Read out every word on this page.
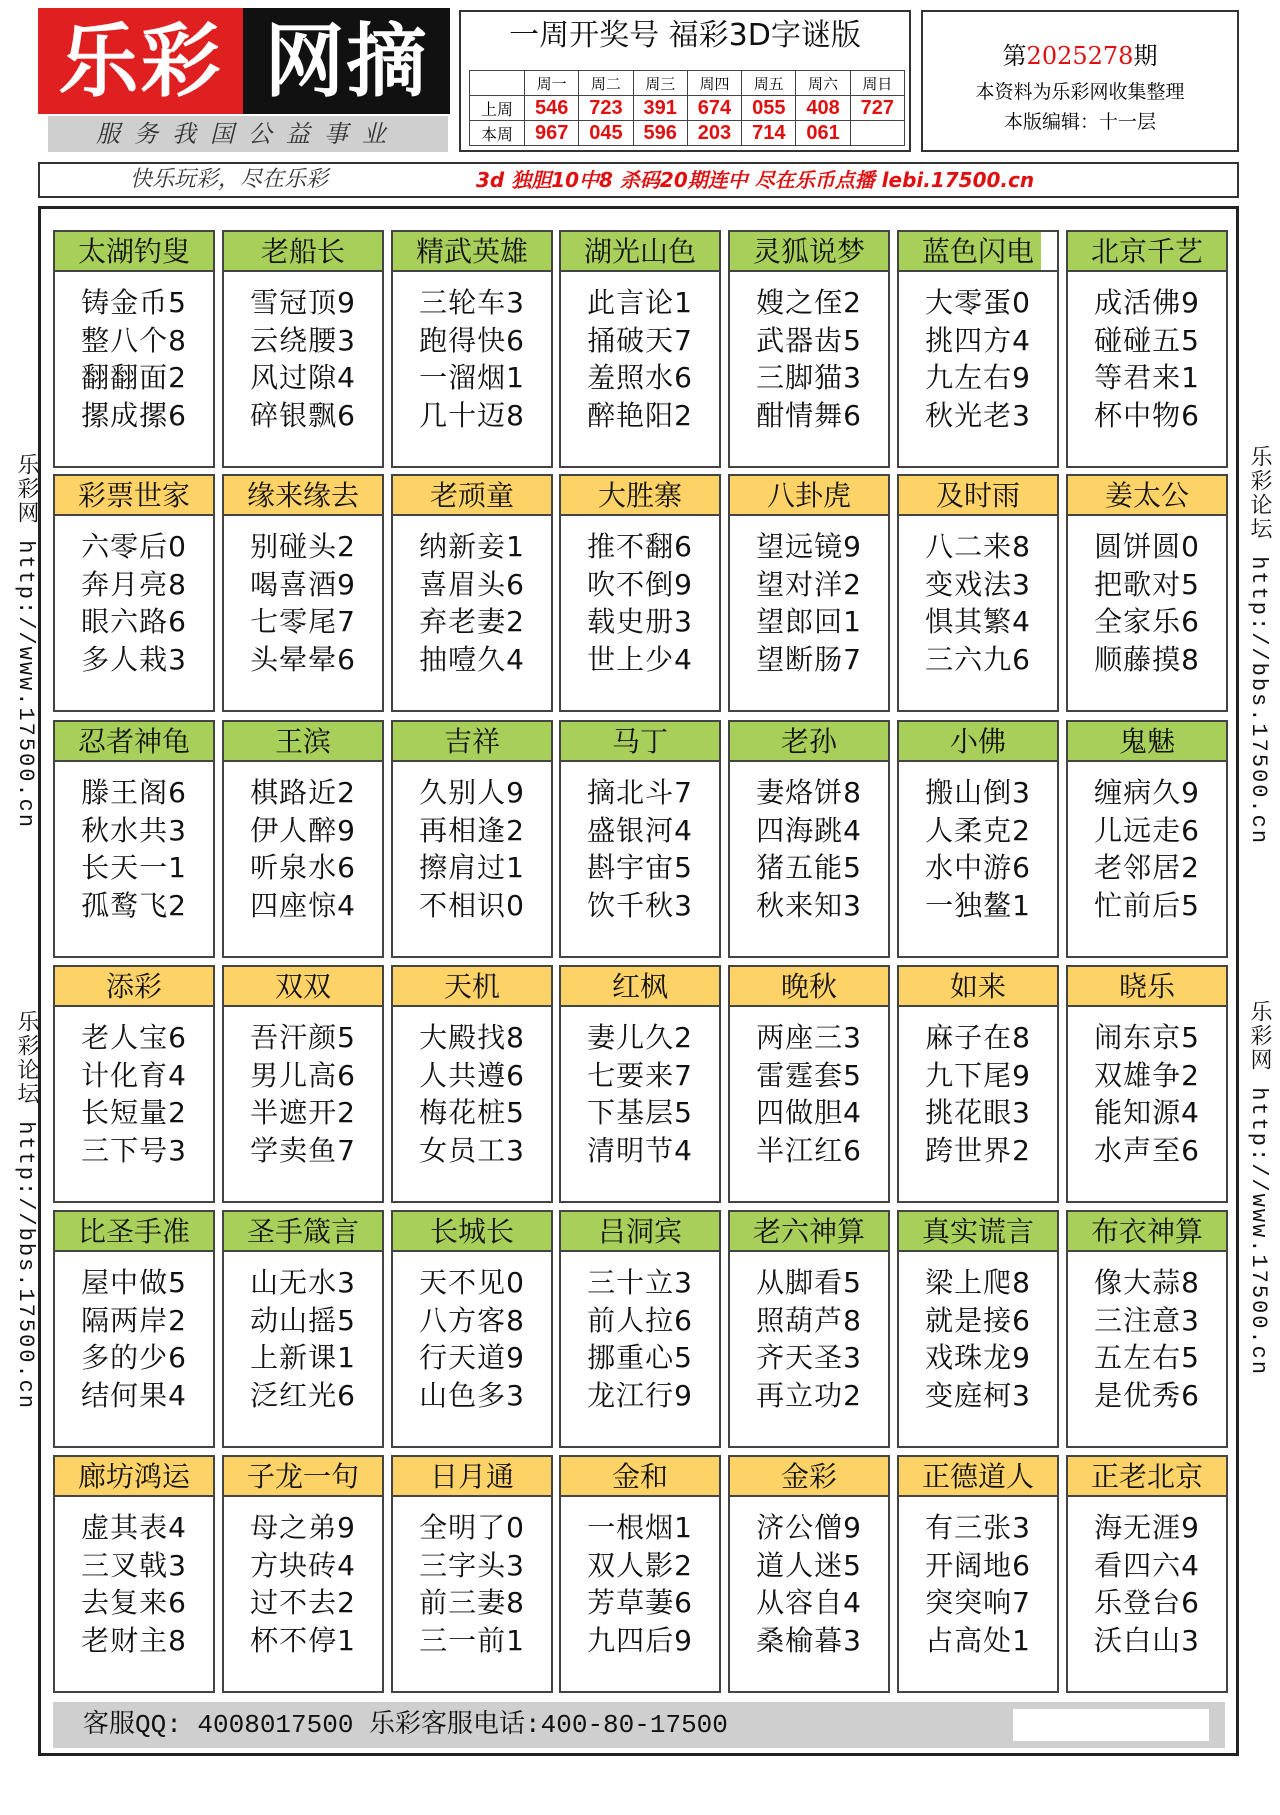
乐彩 网摘
服务我国公益事业
一周开奖号 福彩3D字谜版
	周一	周二	周三	周四	周五	周六	周日
上周	546	723	391	674	055	408	727
本周	967	045	596	203	714	061	
第2025278期
本资料为乐彩网收集整理
本版编辑：十一层
快乐玩彩，尽在乐彩	3d 独胆10中8 杀码20期连中 尽在乐币点播 lebi.17500.cn
乐彩网 http://www.17500.cn
乐彩论坛 http://bbs.17500.cn
乐彩论坛 http://bbs.17500.cn
乐彩网 http://www.17500.cn
太湖钓叟
铸金币5
整八个8
翻翻面2
摞成摞6
老船长
雪冠顶9
云绕腰3
风过隙4
碎银飘6
精武英雄
三轮车3
跑得快6
一溜烟1
几十迈8
湖光山色
此言论1
捅破天7
羞照水6
醉艳阳2
灵狐说梦
嫂之侄2
武器齿5
三脚猫3
酣情舞6
蓝色闪电
大零蛋0
挑四方4
九左右9
秋光老3
北京千艺
成活佛9
碰碰五5
等君来1
杯中物6
彩票世家
六零后0
奔月亮8
眼六路6
多人栽3
缘来缘去
别碰头2
喝喜酒9
七零尾7
头晕晕6
老顽童
纳新妾1
喜眉头6
弃老妻2
抽噎久4
大胜寨
推不翻6
吹不倒9
载史册3
世上少4
八卦虎
望远镜9
望对洋2
望郎回1
望断肠7
及时雨
八二来8
变戏法3
惧其繁4
三六九6
姜太公
圆饼圆0
把歌对5
全家乐6
顺藤摸8
忍者神龟
滕王阁6
秋水共3
长天一1
孤鹜飞2
王滨
棋路近2
伊人醉9
听泉水6
四座惊4
吉祥
久别人9
再相逢2
擦肩过1
不相识0
马丁
摘北斗7
盛银河4
斟宇宙5
饮千秋3
老孙
妻烙饼8
四海跳4
猪五能5
秋来知3
小佛
搬山倒3
人柔克2
水中游6
一独鳌1
鬼魅
缠病久9
儿远走6
老邻居2
忙前后5
添彩
老人宝6
计化育4
长短量2
三下号3
双双
吾汗颜5
男儿高6
半遮开2
学卖鱼7
天机
大殿找8
人共遵6
梅花桩5
女员工3
红枫
妻儿久2
七要来7
下基层5
清明节4
晚秋
两座三3
雷霆套5
四做胆4
半江红6
如来
麻子在8
九下尾9
挑花眼3
跨世界2
晓乐
闹东京5
双雄争2
能知源4
水声至6
比圣手准
屋中做5
隔两岸2
多的少6
结何果4
圣手箴言
山无水3
动山摇5
上新课1
泛红光6
长城长
天不见0
八方客8
行天道9
山色多3
吕洞宾
三十立3
前人拉6
挪重心5
龙江行9
老六神算
从脚看5
照葫芦8
齐天圣3
再立功2
真实谎言
梁上爬8
就是接6
戏珠龙9
变庭柯3
布衣神算
像大蒜8
三注意3
五左右5
是优秀6
廊坊鸿运
虚其表4
三叉戟3
去复来6
老财主8
子龙一句
母之弟9
方块砖4
过不去2
杯不停1
日月通
全明了0
三字头3
前三妻8
三一前1
金和
一根烟1
双人影2
芳草萋6
九四后9
金彩
济公僧9
道人迷5
从容自4
桑榆暮3
正德道人
有三张3
开阔地6
突突响7
占高处1
正老北京
海无涯9
看四六4
乐登台6
沃白山3
客服QQ: 4008017500 乐彩客服电话:400-80-17500
